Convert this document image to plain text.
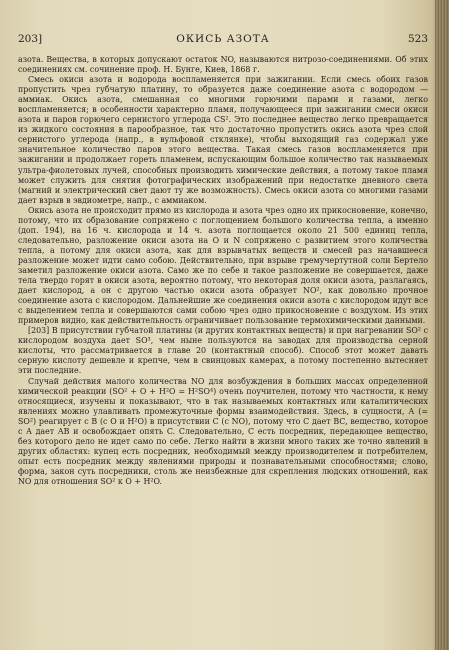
203]	ОКИСЬ АЗОТА	523

азота. Вещества, в которых допускают остаток NO, называются нитрозо-соединениями. Об этих соединениях см. сочинение проф. Н. Бунге, Киев, 1868 г.

Смесь окиси азота и водорода воспламеняется при зажигании. Если смесь обоих газов пропустить чрез губчатую платину, то образуется даже соединение азота с водородом — аммиак. Окись азота, смешанная со многими горючими парами и газами, легко воспламеняется; в особенности характерно пламя, получающееся при зажигании смеси окиси азота и паров горючего сернистого углерода CS². Это последнее вещество легко превращается из жидкого состояния в парообразное, так что достаточно пропустить окись азота чрез слой сернистого углерода (напр., в вульфовой стклянке), чтобы выходящий газ содержал уже значительное количество паров этого вещества. Такая смесь газов воспламеняется при зажигании и продолжает гореть пламенем, испускающим большое количество так называемых ультра-фиолетовых лучей, способных производить химические действия, а потому такое пламя может служить для снятия фотографических изображений при недостатке дневного света (магний и электрический свет дают ту же возможность). Смесь окиси азота со многими газами дает взрыв в эвдиометре, напр., с аммиаком.

Окись азота не происходит прямо из кислорода и азота чрез одно их прикосновение, конечно, потому, что их образование сопряжено с поглощением большого количества тепла, а именно (доп. 194), на 16 ч. кислорода и 14 ч. азота поглощается около 21 500 единиц тепла, следовательно, разложение окиси азота на O и N сопряжено с развитием этого количества тепла, а потому для окиси азота, как для взрывчатых веществ и смесей раз начавшееся разложение может идти само собою. Действительно, при взрыве гремучертутной соли Бертело заметил разложение окиси азота. Само же по себе и такое разложение не совершается, даже тела твердо горят в окиси азота, вероятно потому, что некоторая доля окиси азота, разлагаясь, дает кислород, а он с другою частью окиси азота образует NO², как довольно прочное соединение азота с кислородом. Дальнейшие же соединения окиси азота с кислородом идут все с выделением тепла и совершаются сами собою чрез одно прикосновение с воздухом. Из этих примеров видно, как действительность ограничивает пользование термохимическими данными.

[203] В присутствии губчатой платины (и других контактных веществ) и при нагревании SO² с кислородом воздуха дает SO³, чем ныне пользуются на заводах для производства серной кислоты, что рассматривается в главе 20 (контактный способ). Способ этот может давать серную кислоту дешевле и крепче, чем в свинцовых камерах, а потому постепенно вытесняет эти последние.

Случай действия малого количества NO для возбуждения в больших массах определенной химической реакции (SO² + O + H²O = H²SO⁴) очень поучителен, потому что частности, к нему относящиеся, изучены и показывают, что в так называемых контактных или каталитических явлениях можно улавливать промежуточные формы взаимодействия. Здесь, в сущности, A (= SO²) реагирует с B (с O и H²O) в присутствии C (с NO), потому что C дает BC, вещество, которое с A дает AB и освобождает опять C. Следовательно, C есть посредник, передающее вещество, без которого дело не идет само по себе. Легко найти в жизни много таких же точно явлений в других областях: купец есть посредник, необходимый между производителем и потребителем, опыт есть посредник между явлениями природы и познавательными способностями; слово, форма, закон суть посредники, столь же неизбежные для скрепления людских отношений, как NO для отношения SO² к O + H²O.
